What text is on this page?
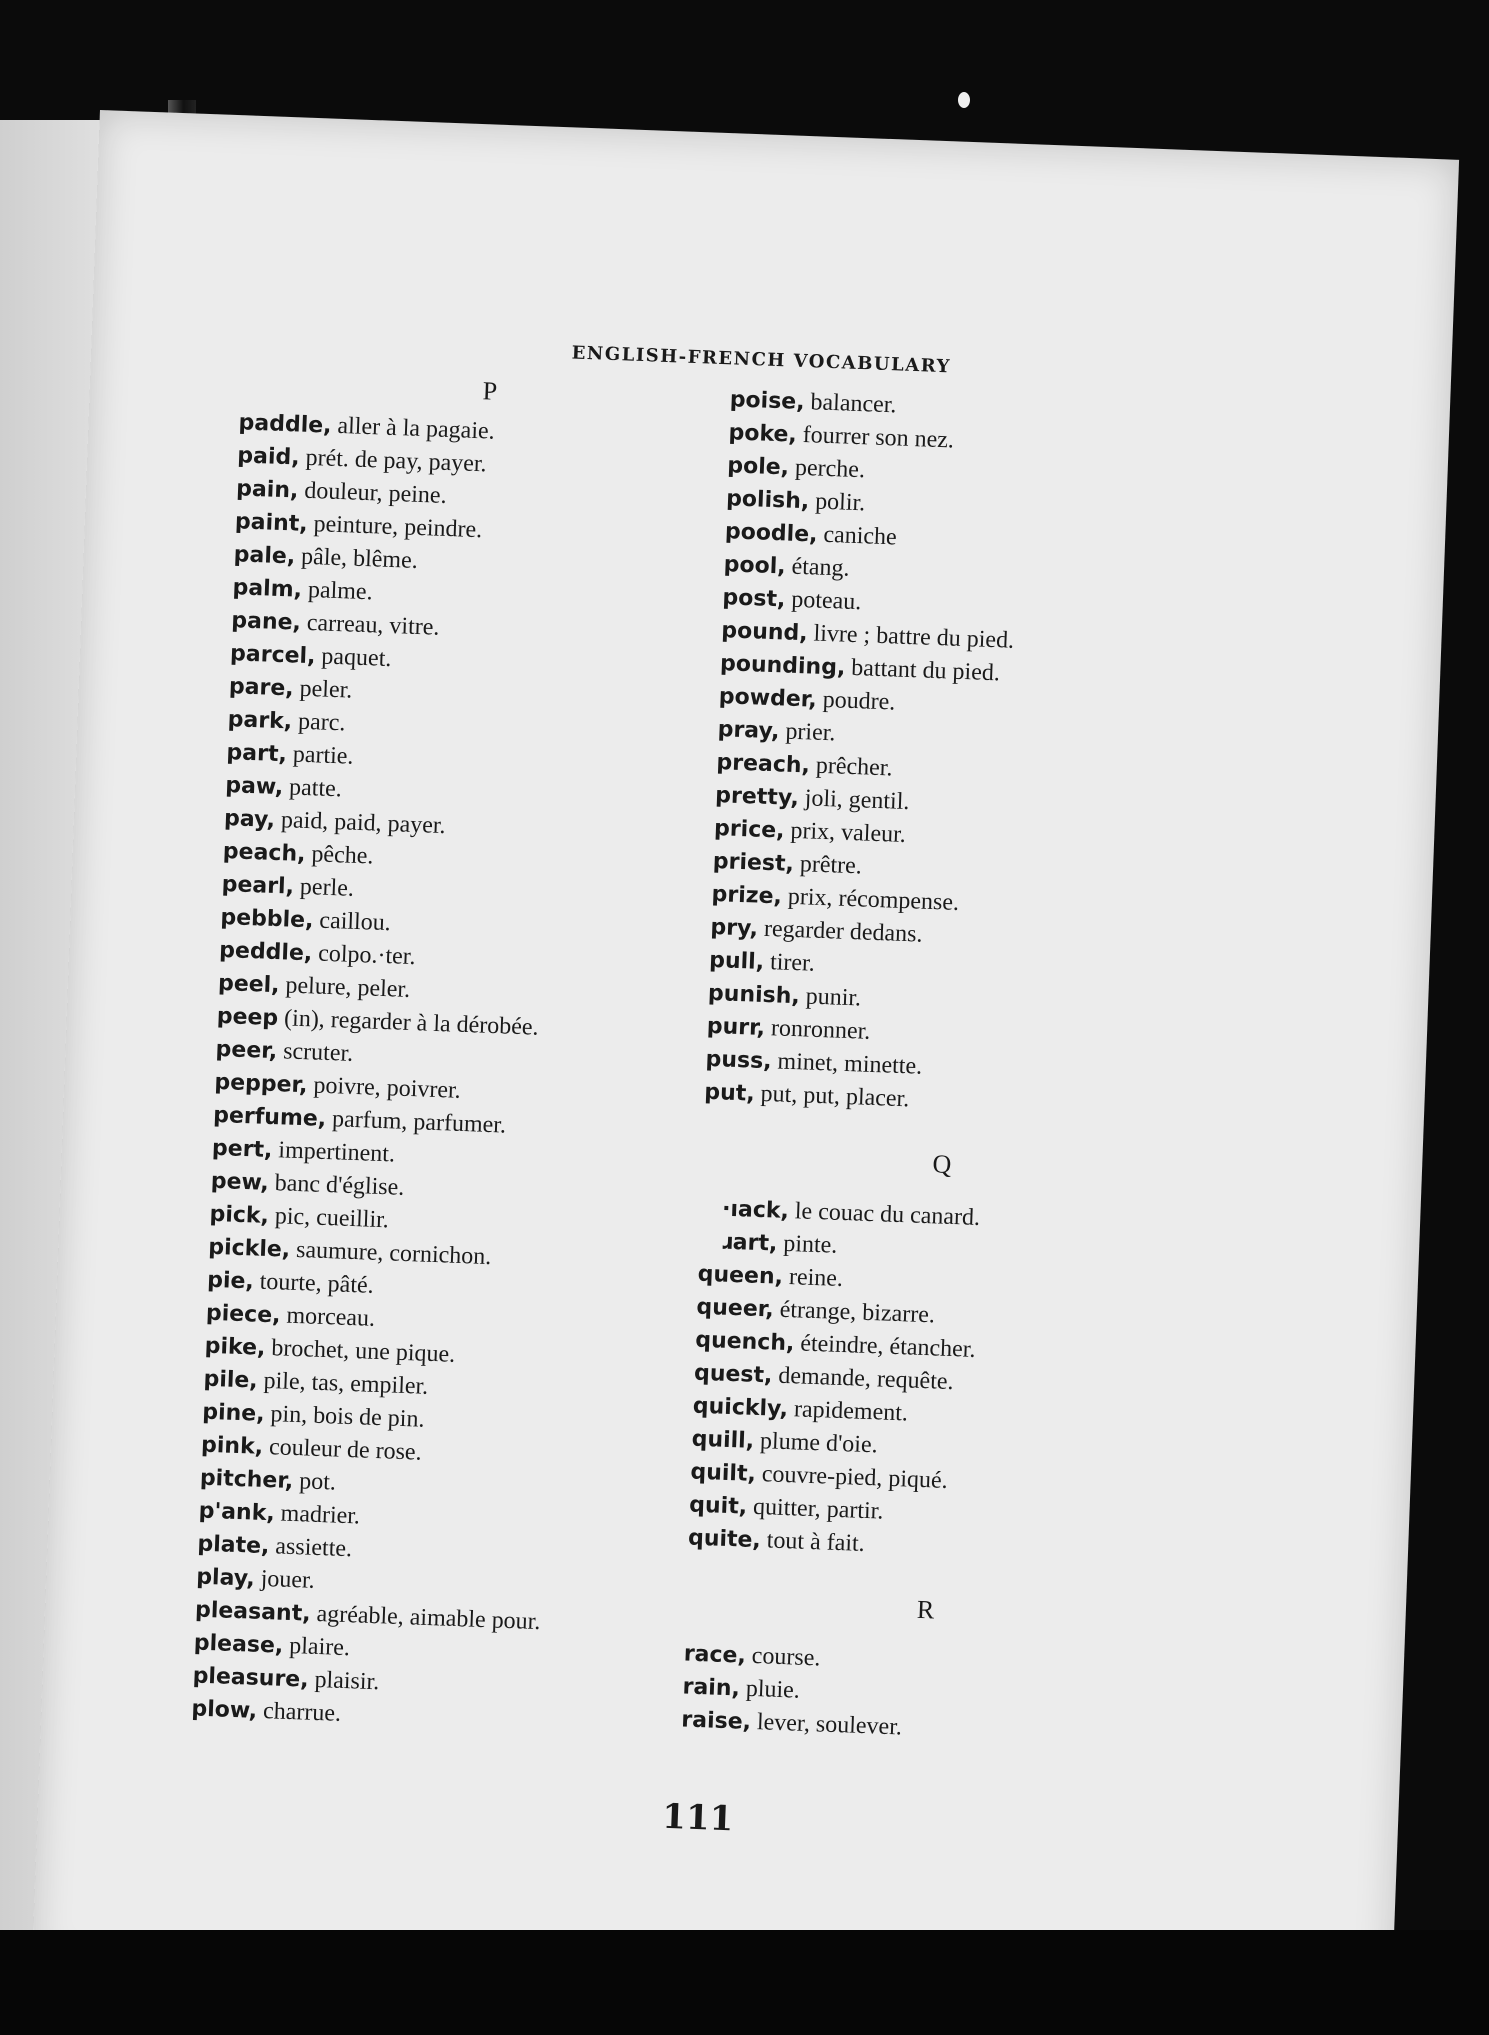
ENGLISH-FRENCH VOCABULARY
P

paddle, aller à la pagaie.

paid, prét. de pay, payer.

pain, douleur, peine.

paint, peinture, peindre.

pale, pâle, blême.

palm, palme.

pane, carreau, vitre.

parcel, paquet.

pare, peler.

park, parc.

part, partie.

paw, patte.

pay, paid, paid, payer.

peach, pêche.

pearl, perle.

pebble, caillou.

peddle, colpo.·ter.

peel, pelure, peler.

peep (in), regarder à la dérobée.

peer, scruter.

pepper, poivre, poivrer.

perfume, parfum, parfumer.

pert, impertinent.

pew, banc d'église.

pick, pic, cueillir.

pickle, saumure, cornichon.

pie, tourte, pâté.

piece, morceau.

pike, brochet, une pique.

pile, pile, tas, empiler.

pine, pin, bois de pin.

pink, couleur de rose.

pitcher, pot.

p'ank, madrier.

plate, assiette.

play, jouer.

pleasant, agréable, aimable pour.

please, plaire.

pleasure, plaisir.

plow, charrue.

poise, balancer.

poke, fourrer son nez.

pole, perche.

polish, polir.

poodle, caniche

pool, étang.

post, poteau.

pound, livre ; battre du pied.

pounding, battant du pied.

powder, poudre.

pray, prier.

preach, prêcher.

pretty, joli, gentil.

price, prix, valeur.

priest, prêtre.

prize, prix, récompense.

pry, regarder dedans.

pull, tirer.

punish, punir.

purr, ronronner.

puss, minet, minette.

put, put, put, placer.

Q

·ıack, le couac du canard.

ɹart, pinte.

queen, reine.

queer, étrange, bizarre.

quench, éteindre, étancher.

quest, demande, requête.

quickly, rapidement.

quill, plume d'oie.

quilt, couvre-pied, piqué.

quit, quitter, partir.

quite, tout à fait.

R

race, course.

rain, pluie.

raise, lever, soulever.

111
